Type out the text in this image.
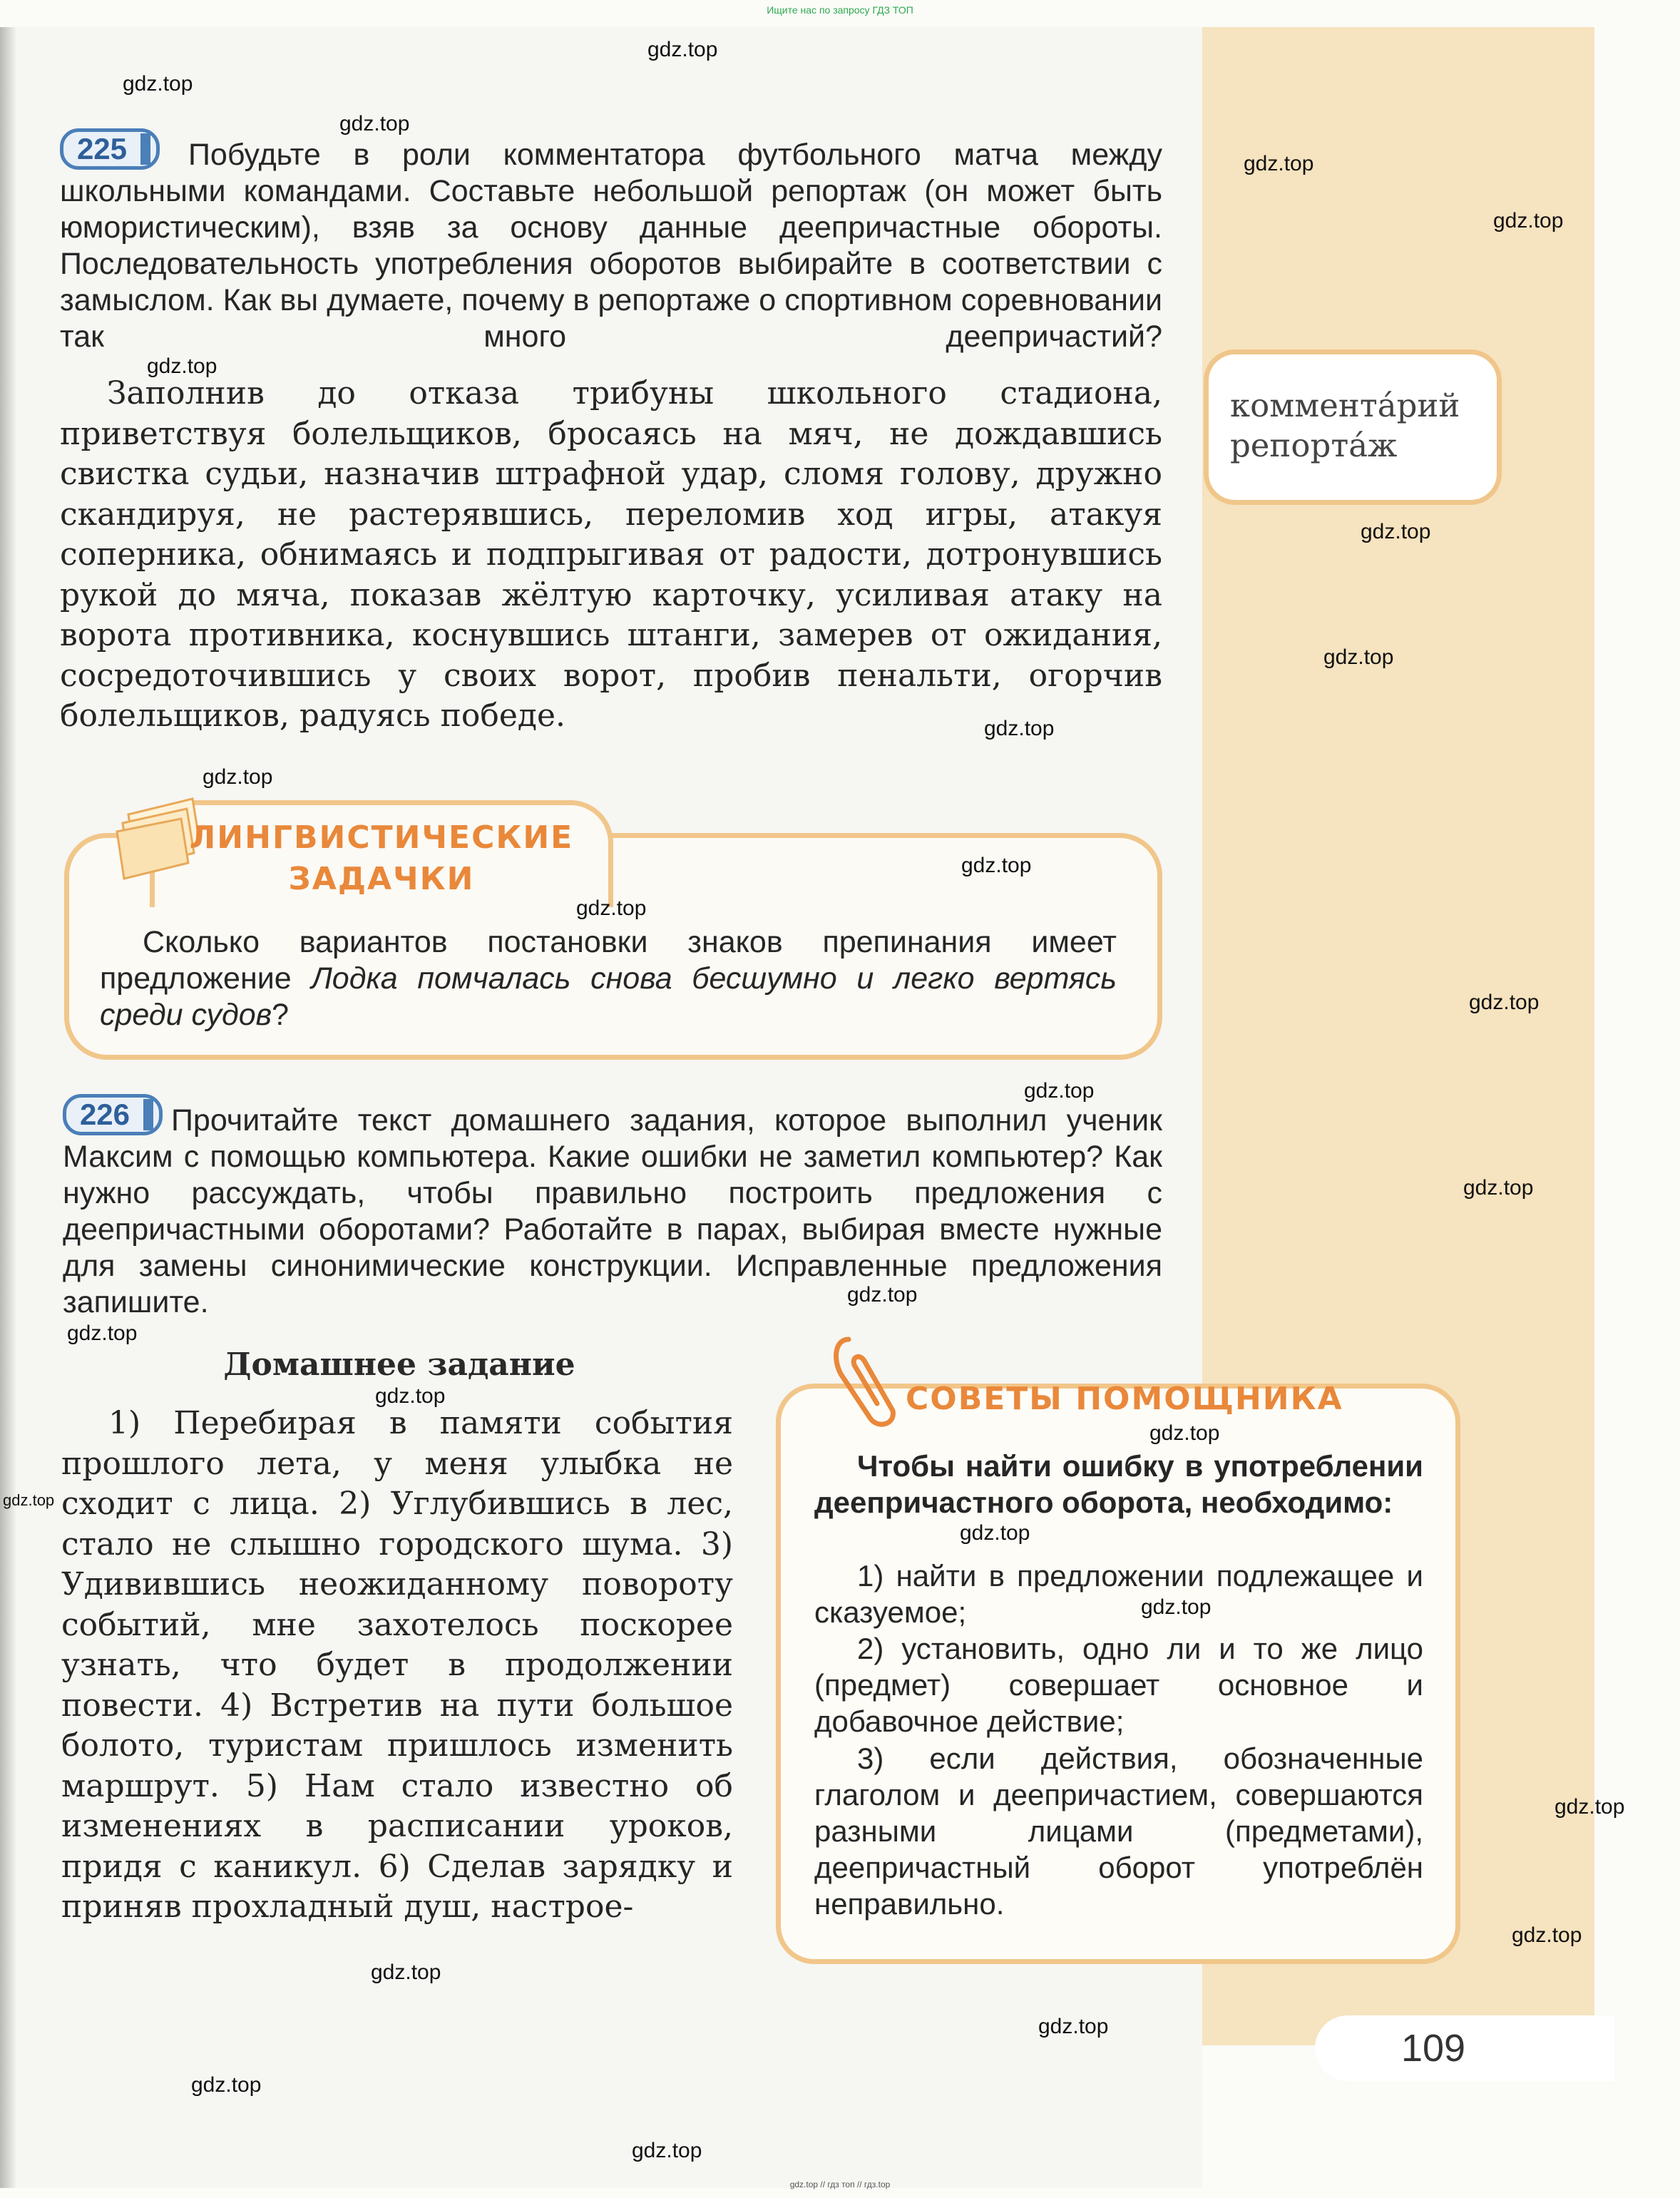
Ищите нас по запросу ГДЗ ТОП
225	Побудьте в роли комментатора футбольного матча между школьными командами. Составьте небольшой репортаж (он может быть юмористическим), взяв за основу данные деепричастные обороты. Последовательность употребления оборотов выбирайте в соответствии с замыслом. Как вы думаете, почему в репортаже о спортивном соревновании так много деепричастий?
Заполнив до отказа трибуны школьного стадиона, приветствуя болельщиков, бросаясь на мяч, не дождавшись свистка судьи, назначив штрафной удар, сломя голову, дружно скандируя, не растерявшись, переломив ход игры, атакуя соперника, обнимаясь и подпрыгивая от радости, дотронувшись рукой до мяча, показав жёлтую карточку, усиливая атаку на ворота противника, коснувшись штанги, замерев от ожидания, сосредоточившись у своих ворот, пробив пенальти, огорчив болельщиков, радуясь победе.
коммента́рий
репорта́ж
ЛИНГВИСТИЧЕСКИЕ
ЗАДАЧКИ
Сколько вариантов постановки знаков препинания имеет предложение Лодка помчалась снова бесшумно и легко вертясь среди судов?
226	Прочитайте текст домашнего задания, которое выполнил ученик Максим с помощью компьютера. Какие ошибки не заметил компьютер? Как нужно рассуждать, чтобы правильно построить предложения с деепричастными оборотами? Работайте в парах, выбирая вместе нужные для замены синонимические конструкции. Исправленные предложения запишите.
Домашнее задание
1) Перебирая в памяти события прошлого лета, у меня улыбка не сходит с лица. 2) Углубившись в лес, стало не слышно городского шума. 3) Удивившись неожиданному повороту событий, мне захотелось поскорее узнать, что будет в продолжении повести. 4) Встретив на пути большое болото, туристам пришлось изменить маршрут. 5) Нам стало известно об изменениях в расписании уроков, придя с каникул. 6) Сделав зарядку и приняв прохладный душ, настрое-
СОВЕТЫ ПОМОЩНИКА
Чтобы найти ошибку в употреблении деепричастного оборота, необходимо:
1) найти в предложении подлежащее и сказуемое;
2) установить, одно ли и то же лицо (предмет) совершает основное и добавочное действие;
3) если действия, обозначенные глаголом и деепричастием, совершаются разными лицами (предметами), деепричастный оборот употреблён неправильно.
109
gdz.top
gdz.top
gdz.top
gdz.top
gdz.top
gdz.top
gdz.top
gdz.top
gdz.top
gdz.top
gdz.top
gdz.top
gdz.top
gdz.top
gdz.top
gdz.top
gdz.top
gdz.top
gdz.top
gdz.top
gdz.top
gdz.top
gdz.top
gdz.top
gdz.top
gdz.top
gdz.top
gdz.top
gdz.top // гдз топ // гдз.top
